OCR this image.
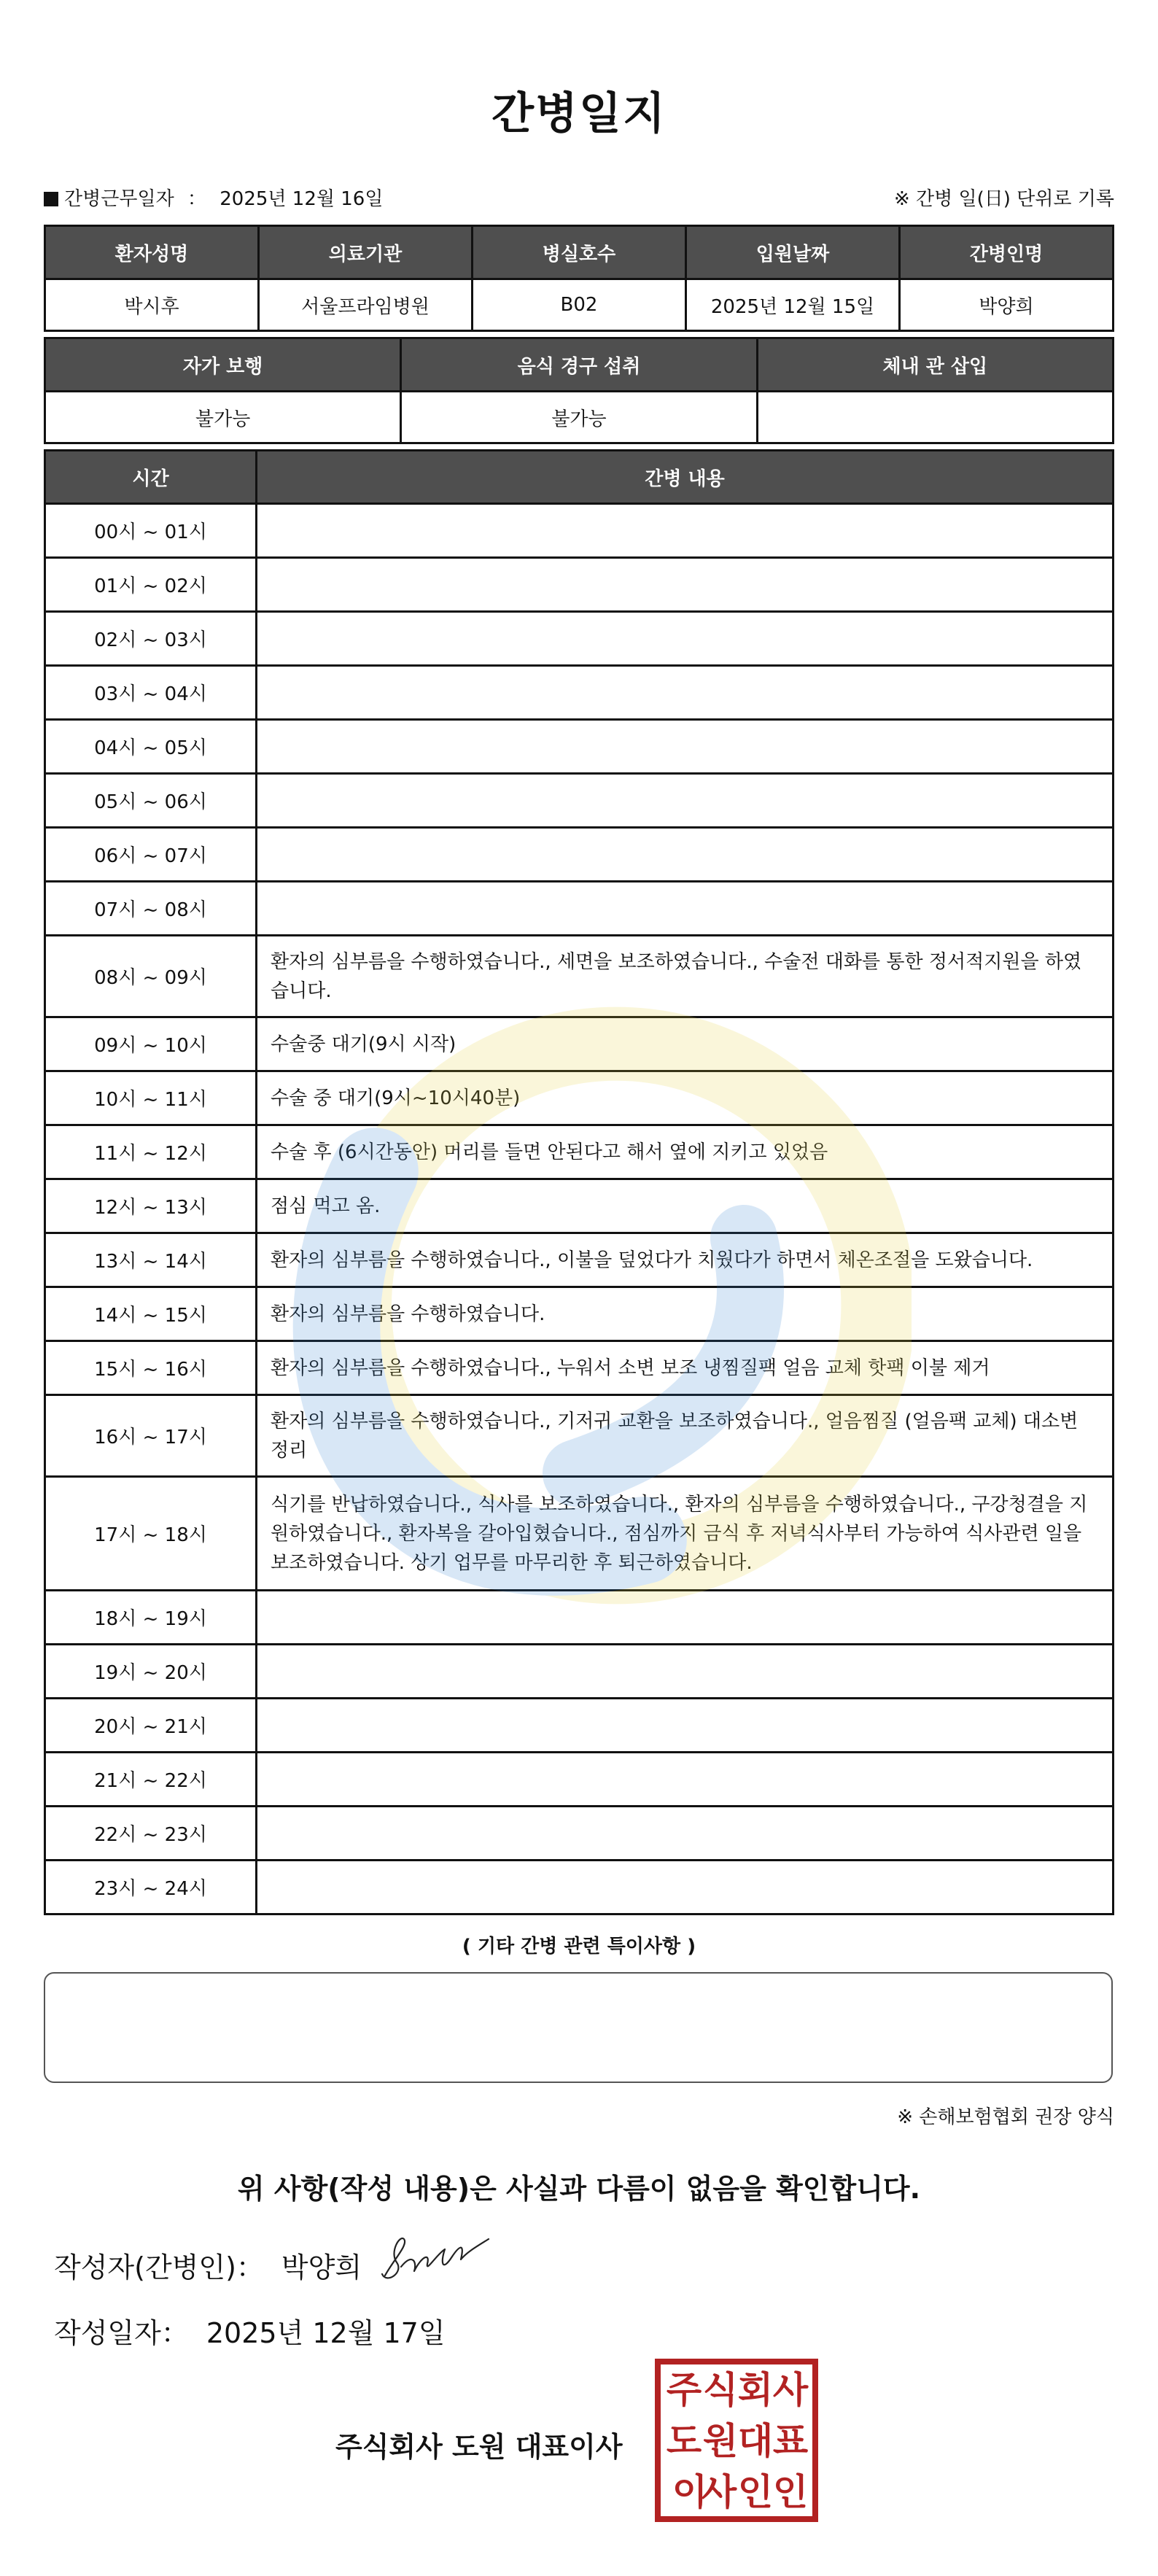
간병일지
간병근무일자 ： 2025년 12월 16일	※ 간병 일(日) 단위로 기록
환자성명	의료기관	병실호수	입원날짜	간병인명
박시후	서울프라임병원	B02	2025년 12월 15일	박양희
자가 보행	음식 경구 섭취	체내 관 삽입
불가능	불가능	
시간	간병 내용
00시 ~ 01시	
01시 ~ 02시	
02시 ~ 03시	
03시 ~ 04시	
04시 ~ 05시	
05시 ~ 06시	
06시 ~ 07시	
07시 ~ 08시	
08시 ~ 09시	환자의 심부름을 수행하였습니다., 세면을 보조하였습니다., 수술전 대화를 통한 정서적지원을 하였습니다.
09시 ~ 10시	수술중 대기(9시 시작)
10시 ~ 11시	수술 중 대기(9시~10시40분)
11시 ~ 12시	수술 후 (6시간동안) 머리를 들면 안된다고 해서 옆에 지키고 있었음
12시 ~ 13시	점심 먹고 옴.
13시 ~ 14시	환자의 심부름을 수행하였습니다., 이불을 덮었다가 치웠다가 하면서 체온조절을 도왔습니다.
14시 ~ 15시	환자의 심부름을 수행하였습니다.
15시 ~ 16시	환자의 심부름을 수행하였습니다., 누워서 소변 보조 냉찜질팩 얼음 교체 핫팩 이불 제거
16시 ~ 17시	환자의 심부름을 수행하였습니다., 기저귀 교환을 보조하였습니다., 얼음찜질 (얼음팩 교체) 대소변 정리
17시 ~ 18시	식기를 반납하였습니다., 식사를 보조하였습니다., 환자의 심부름을 수행하였습니다., 구강청결을 지원하였습니다., 환자복을 갈아입혔습니다., 점심까지 금식 후 저녁식사부터 가능하여 식사관련 일을 보조하였습니다. 상기 업무를 마무리한 후 퇴근하였습니다.
18시 ~ 19시	
19시 ~ 20시	
20시 ~ 21시	
21시 ~ 22시	
22시 ~ 23시	
23시 ~ 24시	
( 기타 간병 관련 특이사항 )
※ 손해보험협회 권장 양식
위 사항(작성 내용)은 사실과 다름이 없음을 확인합니다.
작성자(간병인)： 박양희
작성일자： 2025년 12월 17일
주식회사 도원 대표이사
주 식 회 사
도 원 대 표
이
사 인 인
